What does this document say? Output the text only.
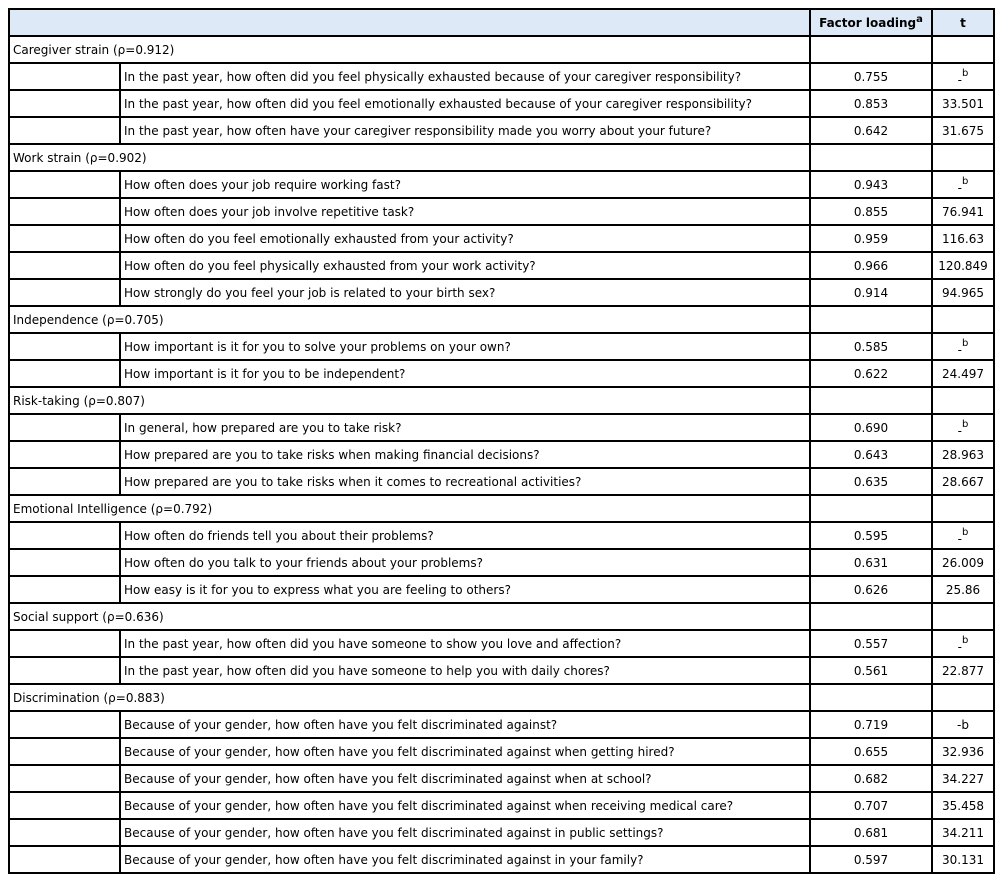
		Factor loading$^a$	t
Caregiver strain (ρ=0.912)			
	In the past year, how often did you feel physically exhausted because of your caregiver responsibility?	0.755	-$^b$
	In the past year, how often did you feel emotionally exhausted because of your caregiver responsibility?	0.853	33.501
	In the past year, how often have your caregiver responsibility made you worry about your future?	0.642	31.675
Work strain (ρ=0.902)			
	How often does your job require working fast?	0.943	-$^b$
	How often does your job involve repetitive task?	0.855	76.941
	How often do you feel emotionally exhausted from your activity?	0.959	116.63
	How often do you feel physically exhausted from your work activity?	0.966	120.849
	How strongly do you feel your job is related to your birth sex?	0.914	94.965
Independence (ρ=0.705)			
	How important is it for you to solve your problems on your own?	0.585	-$^b$
	How important is it for you to be independent?	0.622	24.497
Risk-taking (ρ=0.807)			
	In general, how prepared are you to take risk?	0.690	-$^b$
	How prepared are you to take risks when making financial decisions?	0.643	28.963
	How prepared are you to take risks when it comes to recreational activities?	0.635	28.667
Emotional Intelligence (ρ=0.792)			
	How often do friends tell you about their problems?	0.595	-$^b$
	How often do you talk to your friends about your problems?	0.631	26.009
	How easy is it for you to express what you are feeling to others?	0.626	25.86
Social support (ρ=0.636)			
	In the past year, how often did you have someone to show you love and affection?	0.557	-$^b$
	In the past year, how often did you have someone to help you with daily chores?	0.561	22.877
Discrimination (ρ=0.883)			
	Because of your gender, how often have you felt discriminated against?	0.719	-b
	Because of your gender, how often have you felt discriminated against when getting hired?	0.655	32.936
	Because of your gender, how often have you felt discriminated against when at school?	0.682	34.227
	Because of your gender, how often have you felt discriminated against when receiving medical care?	0.707	35.458
	Because of your gender, how often have you felt discriminated against in public settings?	0.681	34.211
	Because of your gender, how often have you felt discriminated against in your family?	0.597	30.131
